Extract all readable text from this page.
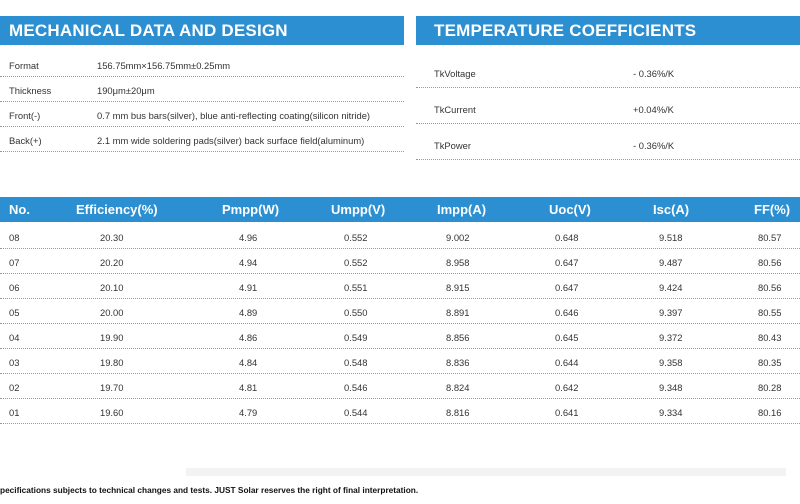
MECHANICAL DATA AND DESIGN
Format	156.75mm×156.75mm±0.25mm
Thickness	190μm±20μm
Front(-)	0.7 mm bus bars(silver), blue anti-reflecting coating(silicon nitride)
Back(+)	2.1 mm wide soldering pads(silver) back surface field(aluminum)
TEMPERATURE COEFFICIENTS
TkVoltage	- 0.36%/K
TkCurrent	+0.04%/K
TkPower	- 0.36%/K
No.	Efficiency(%)	Pmpp(W)	Umpp(V)	Impp(A)	Uoc(V)	Isc(A)	FF(%)
08	20.30	4.96	0.552	9.002	0.648	9.518	80.57
07	20.20	4.94	0.552	8.958	0.647	9.487	80.56
06	20.10	4.91	0.551	8.915	0.647	9.424	80.56
05	20.00	4.89	0.550	8.891	0.646	9.397	80.55
04	19.90	4.86	0.549	8.856	0.645	9.372	80.43
03	19.80	4.84	0.548	8.836	0.644	9.358	80.35
02	19.70	4.81	0.546	8.824	0.642	9.348	80.28
01	19.60	4.79	0.544	8.816	0.641	9.334	80.16
pecifications subjects to technical changes and tests. JUST Solar reserves the right of final interpretation.
